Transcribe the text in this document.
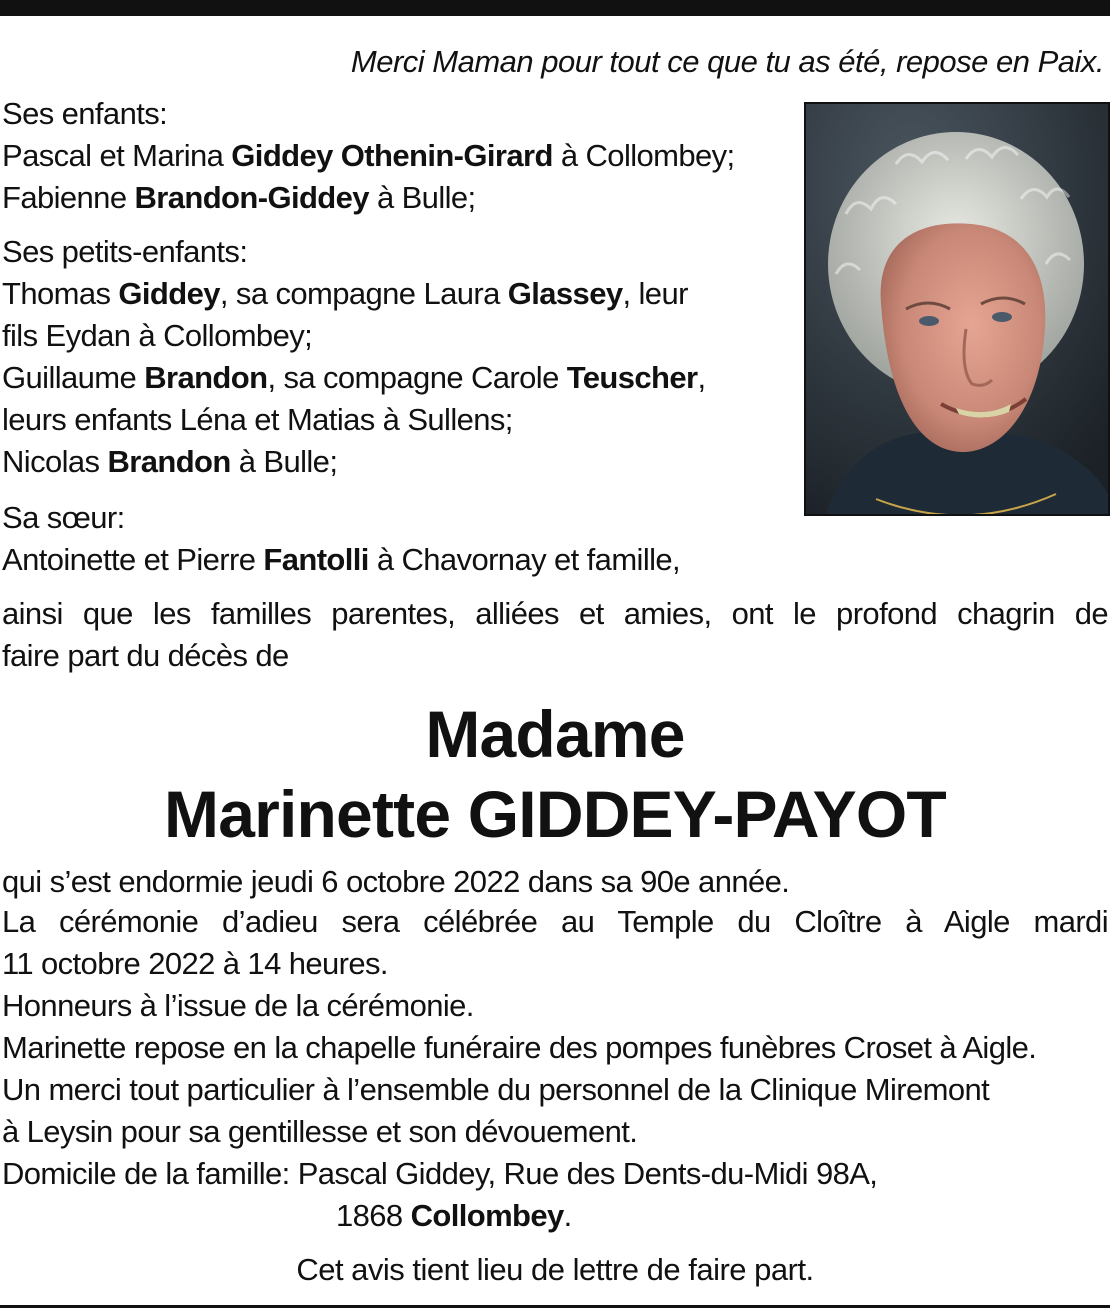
Merci Maman pour tout ce que tu as été, repose en Paix.
Ses enfants:
Pascal et Marina Giddey Othenin-Girard à Collombey;
Fabienne Brandon-Giddey à Bulle;
Ses petits-enfants:
Thomas Giddey, sa compagne Laura Glassey, leur
fils Eydan à Collombey;
Guillaume Brandon, sa compagne Carole Teuscher,
leurs enfants Léna et Matias à Sullens;
Nicolas Brandon à Bulle;
Sa sœur:
Antoinette et Pierre Fantolli à Chavornay et famille,
ainsi que les familles parentes, alliées et amies, ont le profond chagrin de
faire part du décès de
Madame
Marinette GIDDEY-PAYOT
qui s’est endormie jeudi 6 octobre 2022 dans sa 90e année.
La cérémonie d’adieu sera célébrée au Temple du Cloître à Aigle mardi
11 octobre 2022 à 14 heures.
Honneurs à l’issue de la cérémonie.
Marinette repose en la chapelle funéraire des pompes funèbres Croset à Aigle.
Un merci tout particulier à l’ensemble du personnel de la Clinique Miremont
à Leysin pour sa gentillesse et son dévouement.
Domicile de la famille: Pascal Giddey, Rue des Dents-du-Midi 98A,
1868 Collombey.
Cet avis tient lieu de lettre de faire part.
